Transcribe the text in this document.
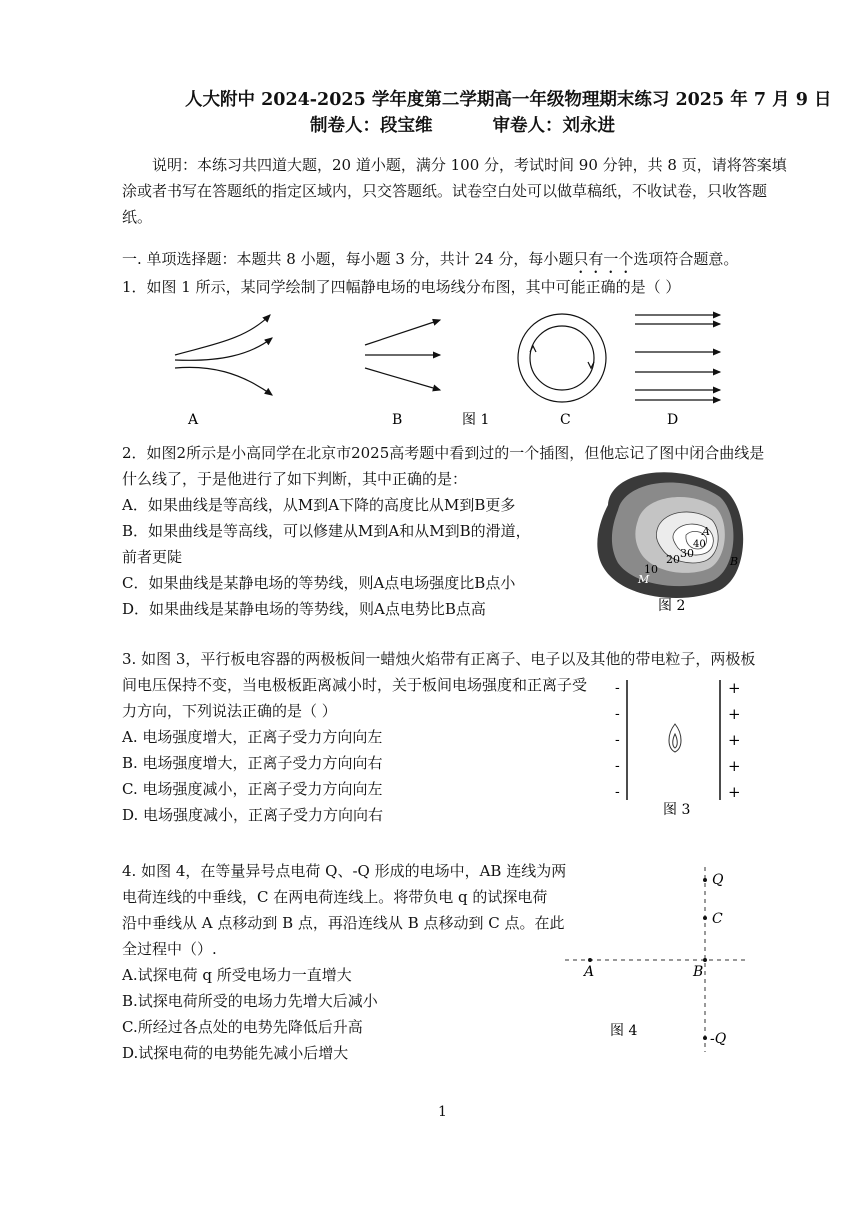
人大附中 2024-2025 学年度第二学期高一年级物理期末练习 2025 年 7 月 9 日
制卷人：段宝维	审卷人：刘永进
说明：本练习共四道大题，20 道小题，满分 100 分，考试时间 90 分钟，共 8 页，请将答案填
涂或者书写在答题纸的指定区域内，只交答题纸。试卷空白处可以做草稿纸，不收试卷，只收答题
纸。
一. 单项选择题：本题共 8 小题，每小题 3 分，共计 24 分，每小题只有一个选项符合题意。
1．如图 1 所示，某同学绘制了四幅静电场的电场线分布图，其中可能正确的是（ ）
A	B	图 1	C	D
2．如图2所示是小高同学在北京市2025高考题中看到过的一个插图，但他忘记了图中闭合曲线是
什么线了，于是他进行了如下判断，其中正确的是：
A．如果曲线是等高线，从M到A下降的高度比从M到B更多
B．如果曲线是等高线，可以修建从M到A和从M到B的滑道，
前者更陡
C．如果曲线是某静电场的等势线，则A点电场强度比B点小
D．如果曲线是某静电场的等势线，则A点电势比B点高
10
20 30
40
A
B
M
图 2
3. 如图 3，平行板电容器的两极板间一蜡烛火焰带有正离子、电子以及其他的带电粒子，两极板
间电压保持不变，当电极板距离减小时，关于板间电场强度和正离子受
力方向，下列说法正确的是（ ）
A. 电场强度增大，正离子受力方向向左
B. 电场强度增大，正离子受力方向向右
C. 电场强度减小，正离子受力方向向左
D. 电场强度减小，正离子受力方向向右
-
-
-
-
-
+
+
+
+
+
图 3
4. 如图 4，在等量异号点电荷 Q、-Q 形成的电场中，AB 连线为两
电荷连线的中垂线，C 在两电荷连线上。将带负电 q 的试探电荷
沿中垂线从 A 点移动到 B 点，再沿连线从 B 点移动到 C 点。在此
全过程中（）.
A.试探电荷 q 所受电场力一直增大
B.试探电荷所受的电场力先增大后减小
C.所经过各点处的电势先降低后升高
D.试探电荷的电势能先减小后增大
Q
C
A	B
-Q
图 4
1
